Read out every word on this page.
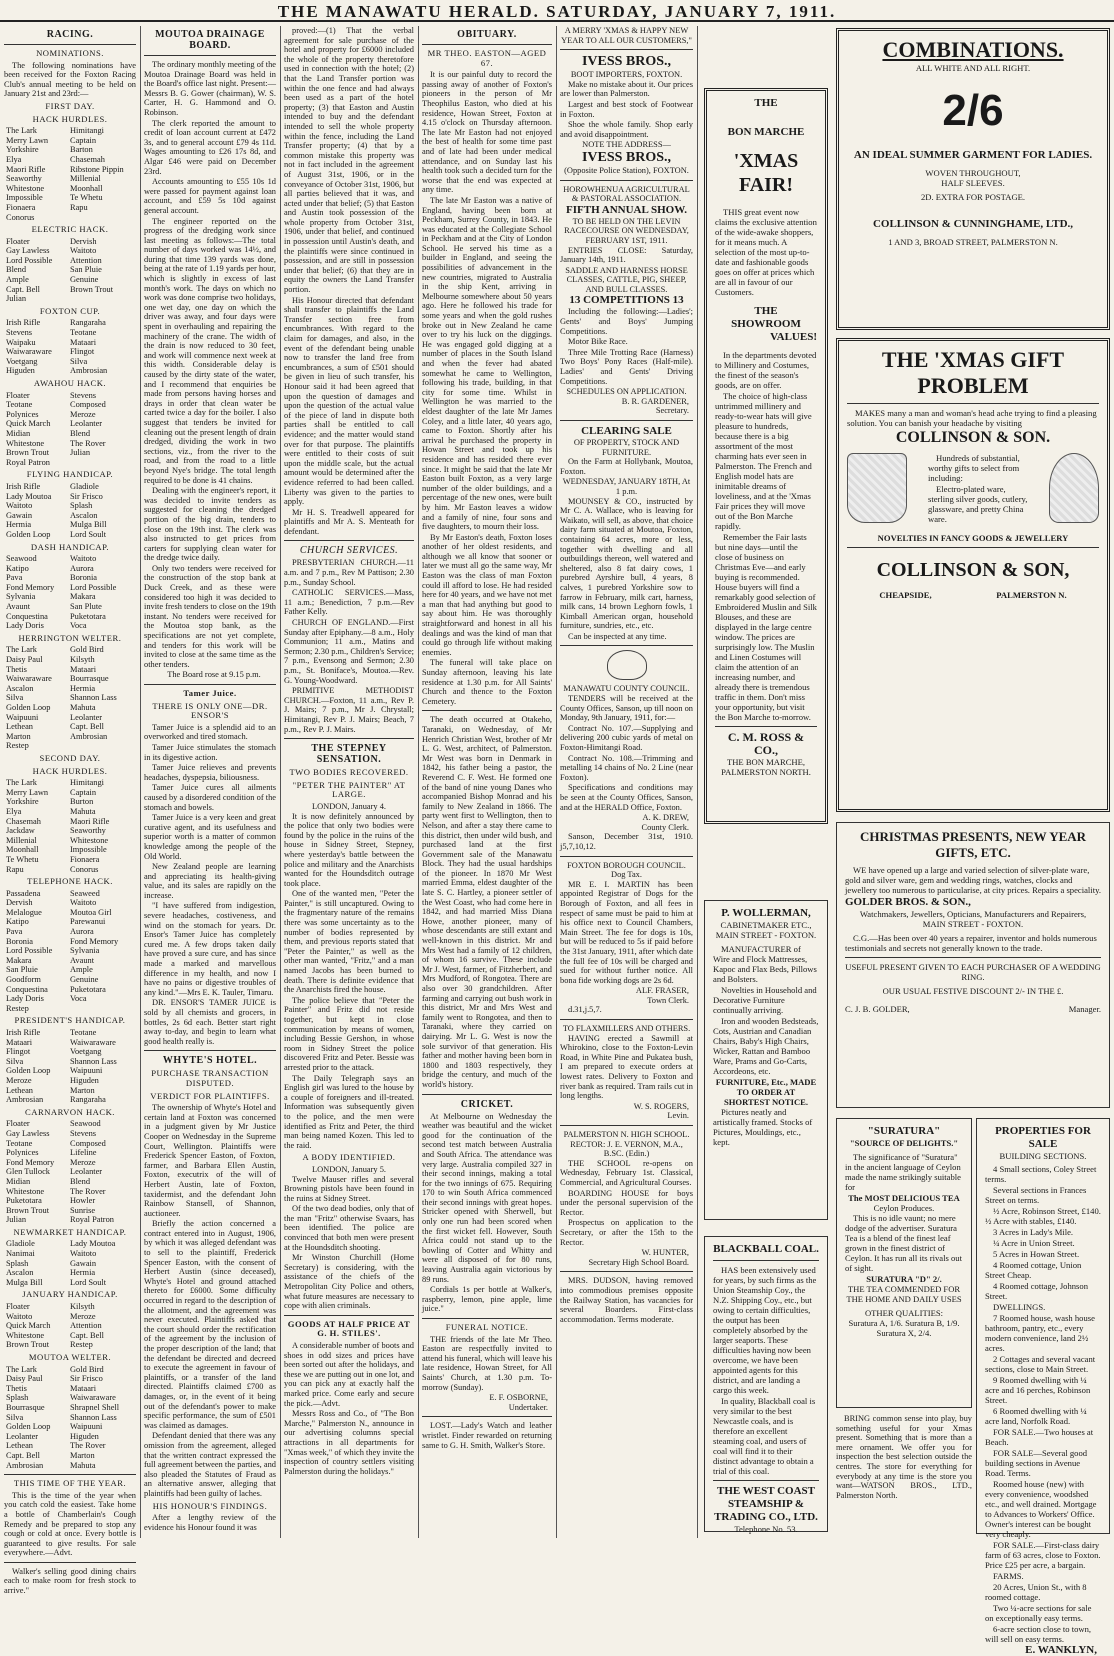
THE MANAWATU HERALD. SATURDAY, JANUARY 7, 1911.
RACING.
NOMINATIONS.

The following nominations have been received for the Foxton Racing Club's annual meeting to be held on January 21st and 23rd:—

FIRST DAY.
HACK HURDLES.
The Lark	Himitangi
Merry Lawn	Captain
Yorkshire	Barton
Elya	Chasemah
Maori Rifle	Ribstone Pippin
Seaworthy	Millenial
Whitestone	Moonhall
Impossible	Te Whetu
Fionaera	Rapu
Conorus
ELECTRIC HACK.
Floater	Dervish
Gay Lawless	Waitoto
Lord Possible	Attention
Blend	San Pluie
Ample	Genuine
Capt. Bell	Brown Trout
Julian
FOXTON CUP.
Irish Rifle	Rangaraha
Stevens	Teotane
Waipaku	Mataari
Waiwaraware	Flingot
Voetgang	Silva
Higuden	Ambrosian
AWAHOU HACK.
Floater	Stevens
Teotane	Composed
Polynices	Meroze
Quick March	Leolanter
Midian	Blend
Whitestone	The Rover
Brown Trout	Julian
Royal Patron
FLYING HANDICAP.
Irish Rifle	Gladiole
Lady Moutoa	Sir Frisco
Waitoto	Splash
Gawain	Ascalon
Hermia	Mulga Bill
Golden Loop	Lord Soult
DASH HANDICAP.
Seawood	Waitoto
Katipo	Aurora
Pava	Boronia
Fond Memory	Lord Possible
Sylvania	Makara
Avaunt	San Plute
Conquestina	Puketotara
Lady Doris	Voca
HERRINGTON WELTER.
The Lark	Gold Bird
Daisy Paul	Kilsyth
Thetis	Mataari
Waiwaraware	Bourrasque
Ascalon	Hermia
Silva	Shannon Lass
Golden Loop	Mahuta
Waipuuni	Leolanter
Lethean	Capt. Bell
Marton	Ambrosian
Restep
SECOND DAY.
HACK HURDLES.
The Lark	Himitangi
Merry Lawn	Captain
Yorkshire	Burton
Elya	Mahuta
Chasemah	Maori Rifle
Jackdaw	Seaworthy
Millenial	Whitestone
Moonhall	Impossible
Te Whetu	Fionaera
Rapu	Conorus
TELEPHONE HACK.
Passadena	Seaweed
Dervish	Waitoto
Melalogue	Moutoa Girl
Katipo	Parewanui
Pava	Aurora
Boronia	Fond Memory
Lord Possible	Sylvania
Makara	Avaunt
San Pluie	Ample
Goodform	Genuine
Conquestina	Puketotara
Lady Doris	Voca
Restep
PRESIDENT'S HANDICAP.
Irish Rifle	Teotane
Mataari	Waiwaraware
Flingot	Voetgang
Silva	Shannon Lass
Golden Loop	Waipuuni
Meroze	Higuden
Lethean	Marton
Ambrosian	Rangaraha
CARNARVON HACK.
Floater	Seawood
Gay Lawless	Stevens
Teotane	Composed
Polynices	Lifeline
Fond Memory	Meroze
Glen Tullock	Leolanter
Midian	Blend
Whitestone	The Rover
Puketotara	Howler
Brown Trout	Sunrise
Julian	Royal Patron
NEWMARKET HANDICAP.
Gladiole	Lady Moutoa
Nanimai	Waitoto
Splash	Gawain
Ascalon	Hermia
Mulga Bill	Lord Soult
JANUARY HANDICAP.
Floater	Kilsyth
Waitoto	Meroze
Quick March	Attention
Whitestone	Capt. Bell
Brown Trout	Restep
MOUTOA WELTER.
The Lark	Gold Bird
Daisy Paul	Sir Frisco
Thetis	Mataari
Splash	Waiwaraware
Bourrasque	Shrapnel Shell
Silva	Shannon Lass
Golden Loop	Waipuuni
Leolanter	Higuden
Lethean	The Rover
Capt. Bell	Marton
Ambrosian	Mahuta
THIS TIME OF THE YEAR.

This is the time of the year when you catch cold the easiest. Take home a bottle of Chamberlain's Cough Remedy and be prepared to stop any cough or cold at once. Every bottle is guaranteed to give results. For sale everywhere.—Advt.

Walker's selling good dining chairs each to make room for fresh stock to arrive."

MOUTOA DRAINAGE BOARD.

The ordinary monthly meeting of the Moutoa Drainage Board was held in the Board's office last night. Present:—Messrs B. G. Gower (chairman), W. S. Carter, H. G. Hammond and O. Robinson.

The clerk reported the amount to credit of loan account current at £472 3s, and to general account £79 4s 11d. Wages amounting to £26 17s 8d, and Algar £46 were paid on December 23rd.

Accounts amounting to £55 10s 1d were passed for payment against loan account, and £59 5s 10d against general account.

The engineer reported on the progress of the dredging work since last meeting as follows:—The total number of days worked was 14½, and during that time 139 yards was done, being at the rate of 1.19 yards per hour, which is slightly in excess of last month's work. The days on which no work was done comprise two holidays, one wet day, one day on which the driver was away, and four days were spent in overhauling and repairing the machinery of the crane. The width of the drain is now reduced to 30 feet, and work will commence next week at this width. Considerable delay is caused by the dirty state of the water, and I recommend that enquiries be made from persons having horses and drays in order that clean water be carted twice a day for the boiler. I also suggest that tenders be invited for cleaning out the present length of drain dredged, dividing the work in two sections, viz., from the river to the road, and from the road to a little beyond Nye's bridge. The total length required to be done is 41 chains.

Dealing with the engineer's report, it was decided to invite tenders as suggested for cleaning the dredged portion of the big drain, tenders to close on the 19th inst. The clerk was also instructed to get prices from carters for supplying clean water for the dredge twice daily.

Only two tenders were received for the construction of the stop bank at Duck Creek, and as these were considered too high it was decided to invite fresh tenders to close on the 19th instant. No tenders were received for the Moutoa stop bank, as the specifications are not yet complete, and tenders for this work will be invited to close at the same time as the other tenders.

The Board rose at 9.15 p.m.

Tamer Juice.
THERE IS ONLY ONE—DR. ENSOR'S

Tamer Juice is a splendid aid to an overworked and tired stomach.

Tamer Juice stimulates the stomach in its digestive action.

Tamer Juice relieves and prevents headaches, dyspepsia, biliousness.

Tamer Juice cures all ailments caused by a disordered condition of the stomach and bowels.

Tamer Juice is a very keen and great curative agent, and its usefulness and superior worth is a matter of common knowledge among the people of the Old World.

New Zealand people are learning and appreciating its health-giving value, and its sales are rapidly on the increase.

"I have suffered from indigestion, severe headaches, costiveness, and wind on the stomach for years. Dr. Ensor's Tamer Juice has completely cured me. A few drops taken daily have proved a sure cure, and has since made a marked and marvellous difference in my health, and now I have no pains or digestive troubles of any kind."—Mrs E. K. Tauler, Timaru.

DR. ENSOR'S TAMER JUICE is sold by all chemists and grocers, in bottles, 2s 6d each. Better start right away to-day, and begin to learn what good health really is.

WHYTE'S HOTEL.
PURCHASE TRANSACTION DISPUTED.
VERDICT FOR PLAINTIFFS.

The ownership of Whyte's Hotel and certain land at Foxton was concerned in a judgment given by Mr Justice Cooper on Wednesday in the Supreme Court, Wellington. Plaintiffs were Frederick Spencer Easton, of Foxton, farmer, and Barbara Ellen Austin, Foxton, executrix of the will of Herbert Austin, late of Foxton, taxidermist, and the defendant John Rainbow Stansell, of Shannon, auctioneer.

Briefly the action concerned a contract entered into in August, 1906, by which it was alleged defendant was to sell to the plaintiff, Frederick Spencer Easton, with the consent of Herbert Austin (since deceased), Whyte's Hotel and ground attached thereto for £6000. Some difficulty occurred in regard to the description of the allotment, and the agreement was never executed. Plaintiffs asked that the court should order the rectification of the agreement by the inclusion of the proper description of the land; that the defendant be directed and decreed to execute the agreement in favour of plaintiffs, or a transfer of the land directed. Plaintiffs claimed £700 as damages, or, in the event of it being out of the defendant's power to make specific performance, the sum of £501 was claimed as damages.

Defendant denied that there was any omission from the agreement, alleged that the written contract expressed the full agreement between the parties, and also pleaded the Statutes of Fraud as an alternative answer, alleging that plaintiffs had been guilty of laches.

HIS HONOUR'S FINDINGS.

After a lengthy review of the evidence his Honour found it was

proved:—(1) That the verbal agreement for sale purchase of the hotel and property for £6000 included the whole of the property theretofore used in connection with the hotel; (2) that the Land Transfer portion was within the one fence and had always been used as a part of the hotel property; (3) that Easton and Austin intended to buy and the defendant intended to sell the whole property within the fence, including the Land Transfer property; (4) that by a common mistake this property was not in fact included in the agreement of August 31st, 1906, or in the conveyance of October 31st, 1906, but all parties believed that it was, and acted under that belief; (5) that Easton and Austin took possession of the whole property from October 31st, 1906, under that belief, and continued in possession until Austin's death, and the plaintiffs were since continued in possession, and are still in possession under that belief; (6) that they are in equity the owners the Land Transfer portion.

His Honour directed that defendant shall transfer to plaintiffs the Land Transfer section free from encumbrances. With regard to the claim for damages, and also, in the event of the defendant being unable now to transfer the land free from encumbrances, a sum of £501 should be given in lieu of such transfer, his Honour said it had been agreed that upon the question of damages and upon the question of the actual value of the piece of land in dispute both parties shall be entitled to call evidence; and the matter would stand over for that purpose. The plaintiffs were entitled to their costs of suit upon the middle scale, but the actual amount would be determined after the evidence referred to had been called. Liberty was given to the parties to apply.

Mr H. S. Treadwell appeared for plaintiffs and Mr A. S. Menteath for defendant.

CHURCH SERVICES.

PRESBYTERIAN CHURCH.—11 a.m. and 7 p.m., Rev M Pattison; 2.30 p.m., Sunday School.

CATHOLIC SERVICES.—Mass, 11 a.m.; Benediction, 7 p.m.—Rev Father Kelly.

CHURCH OF ENGLAND.—First Sunday after Epiphany.—8 a.m., Holy Communion; 11 a.m., Matins and Sermon; 2.30 p.m., Children's Service; 7 p.m., Evensong and Sermon; 2.30 p.m., St. Boniface's, Moutoa.—Rev. G. Young-Woodward.

PRIMITIVE METHODIST CHURCH.—Foxton, 11 a.m., Rev P. J. Mairs; 7 p.m., Mr J. Chrystall; Himitangi, Rev P. J. Mairs; Beach, 7 p.m., Rev P. J. Mairs.

THE STEPNEY SENSATION.
TWO BODIES RECOVERED.
"PETER THE PAINTER" AT LARGE.

LONDON, January 4.

It is now definitely announced by the police that only two bodies were found by the police in the ruins of the house in Sidney Street, Stepney, where yesterday's battle between the police and military and the Anarchists wanted for the Houndsditch outrage took place.

One of the wanted men, "Peter the Painter," is still uncaptured. Owing to the fragmentary nature of the remains there was some uncertainty as to the number of bodies represented by them, and previous reports stated that "Peter the Painter," as well as the other man wanted, "Fritz," and a man named Jacobs has been burned to death. There is definite evidence that the Anarchists fired the house.

The police believe that "Peter the Painter" and Fritz did not reside together, but kept in close communication by means of women, including Bessie Gershon, in whose room in Sidney Street the police discovered Fritz and Peter. Bessie was arrested prior to the attack.

The Daily Telegraph says an English girl was lured to the house by a couple of foreigners and ill-treated. Information was subsequently given to the police, and the men were identified as Fritz and Peter, the third man being named Kozen. This led to the raid.

A BODY IDENTIFIED.

LONDON, January 5.

Twelve Mauser rifles and several Browning pistols have been found in the ruins at Sidney Street.

Of the two dead bodies, only that of the man "Fritz" otherwise Svaars, has been identified. The police are convinced that both men were present at the Houndsditch shooting.

Mr Winston Churchill (Home Secretary) is considering, with the assistance of the chiefs of the Metropolitan City Police and others, what future measures are necessary to cope with alien criminals.

GOODS AT HALF PRICE AT G. H. STILES'.

A considerable number of boots and shoes in odd sizes and prices have been sorted out after the holidays, and these we are putting out in one lot, and you can pick any at exactly half the marked price. Come early and secure the pick.—Advt.

Messrs Ross and Co., of "The Bon Marche," Palmerston N., announce in our advertising columns special attractions in all departments for "Xmas week," of which they invite the inspection of country settlers visiting Palmerston during the holidays."

OBITUARY.
MR THEO. EASTON—AGED 67.

It is our painful duty to record the passing away of another of Foxton's pioneers in the person of Mr Theophilus Easton, who died at his residence, Howan Street, Foxton at 4.15 o'clock on Thursday afternoon. The late Mr Easton had not enjoyed the best of health for some time past and of late had been under medical attendance, and on Sunday last his health took such a decided turn for the worse that the end was expected at any time.

The late Mr Easton was a native of England, having been born at Peckham, Surrey County, in 1843. He was educated at the Collegiate School in Peckham and at the City of London School. He served his time as a builder in England, and seeing the possibilities of advancement in the new countries, migrated to Australia in the ship Kent, arriving in Melbourne somewhere about 50 years ago. Here he followed his trade for some years and when the gold rushes broke out in New Zealand he came over to try his luck on the diggings. He was engaged gold digging at a number of places in the South Island and when the fever had abated somewhat he came to Wellington, following his trade, building, in that city for some time. Whilst in Wellington he was married to the eldest daughter of the late Mr James Coley, and a little later, 40 years ago, came to Foxton. Shortly after his arrival he purchased the property in Howan Street and took up his residence and has resided there ever since. It might be said that the late Mr Easton built Foxton, as a very large number of the older buildings, and a percentage of the new ones, were built by him. Mr Easton leaves a widow and a family of nine, four sons and five daughters, to mourn their loss.

By Mr Easton's death, Foxton loses another of her oldest residents, and although we all know that sooner or later we must all go the same way, Mr Easton was the class of man Foxton could ill afford to lose. He had resided here for 40 years, and we have not met a man that had anything but good to say about him. He was thoroughly straightforward and honest in all his dealings and was the kind of man that could go through life without making enemies.

The funeral will take place on Sunday afternoon, leaving his late residence at 1.30 p.m. for All Saints' Church and thence to the Foxton Cemetery.

The death occurred at Otakeho, Taranaki, on Wednesday, of Mr Henrich Christian West, brother of Mr L. G. West, architect, of Palmerston. Mr West was born in Denmark in 1842, his father being a pastor, the Reverend C. F. West. He formed one of the band of nine young Danes who accompanied Bishop Monrad and his family to New Zealand in 1866. The party went first to Wellington, then to Nelson, and after a stay there came to this district, then under wild bush, and purchased land at the first Government sale of the Manawatu Block. They had the usual hardships of the pioneer. In 1870 Mr West married Emma, eldest daughter of the late S. C. Hartley, a pioneer settler of the West Coast, who had come here in 1842, and had married Miss Diana Howe, another pioneer, many of whose descendants are still extant and well-known in this district. Mr and Mrs West had a family of 12 children, of whom 16 survive. These include Mr J. West, farmer, of Fitzherbert, and Mrs Mudford, of Rongotea. There are also over 30 grandchildren. After farming and carrying out bush work in this district, Mr and Mrs West and family went to Rongotea, and then to Taranaki, where they carried on dairying. Mr L. G. West is now the sole survivor of that generation. His father and mother having been born in 1800 and 1803 respectively, they bridge the century, and much of the world's history.

CRICKET.

At Melbourne on Wednesday the weather was beautiful and the wicket good for the continuation of the second test match between Australia and South Africa. The attendance was very large. Australia compiled 327 in their second innings, making a total for the two innings of 675. Requiring 170 to win South Africa commenced their second innings with great hopes. Stricker opened with Sherwell, but only one run had been scored when the first wicket fell. However, South Africa could not stand up to the bowling of Cotter and Whitty and were all disposed of for 80 runs, leaving Australia again victorious by 89 runs.

Cordials 1s per bottle at Walker's, raspberry, lemon, pine apple, lime juice."

FUNERAL NOTICE.

THE friends of the late Mr Theo. Easton are respectfully invited to attend his funeral, which will leave his late residence, Howan Street, for All Saints' Church, at 1.30 p.m. To-morrow (Sunday).

E. F. OSBORNE,

Undertaker.

LOST.—Lady's Watch and leather wristlet. Finder rewarded on returning same to G. H. Smith, Walker's Store.

A MERRY 'XMAS & HAPPY NEW YEAR TO ALL OUR CUSTOMERS,"

IVESS BROS.,

BOOT IMPORTERS, FOXTON.

Make no mistake about it. Our prices are lower than Palmerston.

Largest and best stock of Footwear in Foxton.

Shoe the whole family. Shop early and avoid disappointment.

NOTE THE ADDRESS—

IVESS BROS.,

(Opposite Police Station), FOXTON.

HOROWHENUA AGRICULTURAL & PASTORAL ASSOCIATION.

FIFTH ANNUAL SHOW.

TO BE HELD ON THE LEVIN RACECOURSE ON WEDNESDAY, FEBRUARY 1ST, 1911.

ENTRIES CLOSE: Saturday, January 14th, 1911.

SADDLE AND HARNESS HORSE CLASSES, CATTLE, PIG, SHEEP, AND BULL CLASSES.

13 COMPETITIONS 13

Including the following:—Ladies'; Gents' and Boys' Jumping Competitions.

Motor Bike Race.

Three Mile Trotting Race (Harness) Two Boys' Pony Races (Half-mile). Ladies' and Gents' Driving Competitions.

SCHEDULES ON APPLICATION.

B. R. GARDENER,

Secretary.

CLEARING SALE

OF PROPERTY, STOCK AND FURNITURE.

On the Farm at Hollybank, Moutoa, Foxton.

WEDNESDAY, JANUARY 18TH, At 1 p.m.

MOUNSEY & CO., instructed by Mr C. A. Wallace, who is leaving for Waikato, will sell, as above, that choice dairy farm situated at Moutoa, Foxton, containing 64 acres, more or less, together with dwelling and all outbuildings thereon, well watered and sheltered, also 8 fat dairy cows, 1 purebred Ayrshire bull, 4 years, 8 calves, 1 purebred Yorkshire sow to farrow in February, milk cart, harness, milk cans, 14 brown Leghorn fowls, 1 Kimball American organ, household furniture, sundries, etc., etc.

Can be inspected at any time.

MANAWATU COUNTY COUNCIL.

TENDERS will be received at the County Offices, Sanson, up till noon on Monday, 9th January, 1911, for:—

Contract No. 107.—Supplying and delivering 200 cubic yards of metal on Foxton-Himitangi Road.

Contract No. 108.—Trimming and metalling 14 chains of No. 2 Line (near Foxton).

Specifications and conditions may be seen at the County Offices, Sanson, and at the HERALD Office, Foxton.

A. K. DREW,

County Clerk.

Sanson, December 31st, 1910. j5,7,10,12.

FOXTON BOROUGH COUNCIL. Dog Tax.

MR E. I. MARTIN has been appointed Registrar of Dogs for the Borough of Foxton, and all fees in respect of same must be paid to him at his office next to Council Chambers, Main Street. The fee for dogs is 10s, but will be reduced to 5s if paid before the 31st January, 1911, after which date the full fee of 10s will be charged and sued for without further notice. All bona fide working dogs are 2s 6d.

ALF. FRASER,

Town Clerk.

d.31,j.5,7.

TO FLAXMILLERS AND OTHERS.

HAVING erected a Sawmill at Whirokino, close to the Foxton-Levin Road, in White Pine and Pukatea bush, I am prepared to execute orders at lowest rates. Delivery to Foxton and river bank as required. Tram rails cut in long lengths.

W. S. ROGERS,

Levin.

PALMERSTON N. HIGH SCHOOL.

RECTOR: J. E. VERNON, M.A., B.SC. (Edin.)

THE SCHOOL re-opens on Wednesday, February 1st. Classical, Commercial, and Agricultural Courses.

BOARDING HOUSE for boys under the personal supervision of the Rector.

Prospectus on application to the Secretary, or after the 15th to the Rector.

W. HUNTER,

Secretary High School Board.

MRS. DUDSON, having removed into commodious premises opposite the Railway Station, has vacancies for several Boarders. First-class accommodation. Terms moderate.

THE

BON MARCHE

'XMAS

FAIR!

THIS great event now claims the exclusive attention of the wide-awake shoppers, for it means much. A selection of the most up-to-date and fashionable goods goes on offer at prices which are all in favour of our Customers.

THE

SHOWROOM

VALUES!

In the departments devoted to Millinery and Costumes, the finest of the season's goods, are on offer.

The choice of high-class untrimmed millinery and ready-to-wear hats will give pleasure to hundreds, because there is a big assortment of the most charming hats ever seen in Palmerston. The French and English model hats are inimitable dreams of loveliness, and at the 'Xmas Fair prices they will move out of the Bon Marche rapidly.

Remember the Fair lasts but nine days—until the close of business on Christmas Eve—and early buying is recommended. House buyers will find a remarkably good selection of Embroidered Muslin and Silk Blouses, and these are displayed in the large centre window. The prices are surprisingly low. The Muslin and Linen Costumes will claim the attention of an increasing number, and already there is tremendous traffic in them. Don't miss your opportunity, but visit the Bon Marche to-morrow.

C. M. ROSS & CO.,

THE BON MARCHE,

PALMERSTON NORTH.

P. WOLLERMAN,

CABINETMAKER ETC.,

MAIN STREET - FOXTON.

MANUFACTURER of Wire and Flock Mattresses, Kapoc and Flax Beds, Pillows and Bolsters.

Novelties in Household and Decorative Furniture continually arriving.

Iron and wooden Bedsteads, Cots, Austrian and Canadian Chairs, Baby's High Chairs, Wicker, Rattan and Bamboo Ware, Prams and Go-Carts, Accordeons, etc.

FURNITURE, Etc., MADE TO ORDER AT SHORTEST NOTICE.

Pictures neatly and artistically framed. Stocks of Pictures, Mouldings, etc., kept.

BLACKBALL COAL.

HAS been extensively used for years, by such firms as the Union Steamship Coy., the N.Z. Shipping Coy., etc., but owing to certain difficulties, the output has been completely absorbed by the larger seaports. These difficulties having now been overcome, we have been appointed agents for this district, and are landing a cargo this week.

In quality, Blackball coal is very similar to the best Newcastle coals, and is therefore an excellent steaming coal, and users of coal will find it to their distinct advantage to obtain a trial of this coal.

THE WEST COAST STEAMSHIP & TRADING CO., LTD.

Telephone No. 53.

COMBINATIONS.

ALL WHITE AND ALL RIGHT.

2/6

AN IDEAL SUMMER GARMENT FOR LADIES.

WOVEN THROUGHOUT,

HALF SLEEVES.

2D. EXTRA FOR POSTAGE.

COLLINSON & CUNNINGHAME, LTD.,

1 AND 3, BROAD STREET, PALMERSTON N.

THE 'XMAS GIFT PROBLEM

MAKES many a man and woman's head ache trying to find a pleasing solution. You can banish your headache by visiting

COLLINSON & SON.

Hundreds of substantial, worthy gifts to select from including:

Electro-plated ware, sterling silver goods, cutlery, glassware, and pretty China ware.

NOVELTIES IN FANCY GOODS & JEWELLERY

COLLINSON & SON,

CHEAPSIDE,	PALMERSTON N.

CHRISTMAS PRESENTS, NEW YEAR GIFTS, ETC.

WE have opened up a large and varied selection of silver-plate ware, gold and silver ware, gem and wedding rings, watches, clocks and jewellery too numerous to particularise, at city prices. Repairs a speciality.

GOLDER BROS. & SON.,

Watchmakers, Jewellers, Opticians, Manufacturers and Repairers,

MAIN STREET - FOXTON.

C.G.—Has been over 40 years a repairer, inventor and holds numerous testimonials and secrets not generally known to the trade.

USEFUL PRESENT GIVEN TO EACH PURCHASER OF A WEDDING RING.

OUR USUAL FESTIVE DISCOUNT 2/- IN THE £.

C. J. B. GOLDER,	Manager.

"SURATURA"

"SOURCE OF DELIGHTS."

The significance of "Suratura" in the ancient language of Ceylon made the name strikingly suitable for

The MOST DELICIOUS TEA

Ceylon Produces.

This is no idle vaunt; no mere dodge of the advertiser. Suratura Tea is a blend of the finest leaf grown in the finest district of Ceylon. It has run all its rivals out of sight.

SURATURA "D" 2/.

THE TEA COMMENDED FOR THE HOME AND DAILY USES

OTHER QUALITIES:

Suratura A, 1/6. Suratura B, 1/9. Suratura X, 2/4.

BRING common sense into play, buy something useful for your Xmas present. Something that is more than a mere ornament. We offer you for inspection the best selection outside the centres. The store for everything for everybody at any time is the store you want—WATSON BROS., LTD., Palmerston North.

PROPERTIES FOR SALE

BUILDING SECTIONS.

4 Small sections, Coley Street terms.

Several sections in Frances Street on terms.

½ Acre, Robinson Street, £140. ½ Acre with stables, £140.

3 Acres in Lady's Mile.

¼ Acre in Union Street.

5 Acres in Howan Street.

4 Roomed cottage, Union Street Cheap.

4 Roomed cottage, Johnson Street.

DWELLINGS.

7 Roomed house, wash house bathroom, pantry, etc., every modern convenience, land 2½ acres.

2 Cottages and several vacant sections, close to Main Street.

9 Roomed dwelling with ¼ acre and 16 perches, Robinson Street.

6 Roomed dwelling with ¼ acre land, Norfolk Road.

FOR SALE.—Two houses at Beach.

FOR SALE—Several good building sections in Avenue Road. Terms.

Roomed house (new) with every convenience, woodshed etc., and well drained. Mortgage to Advances to Workers' Office. Owner's interest can be bought very cheaply.

FOR SALE.—First-class dairy farm of 63 acres, close to Foxton. Price £25 per acre, a bargain.

FARMS.

20 Acres, Union St., with 8 roomed cottage.

Two ¼-acre sections for sale on exceptionally easy terms.

6-acre section close to town, will sell on easy terms.

E. WANKLYN,
